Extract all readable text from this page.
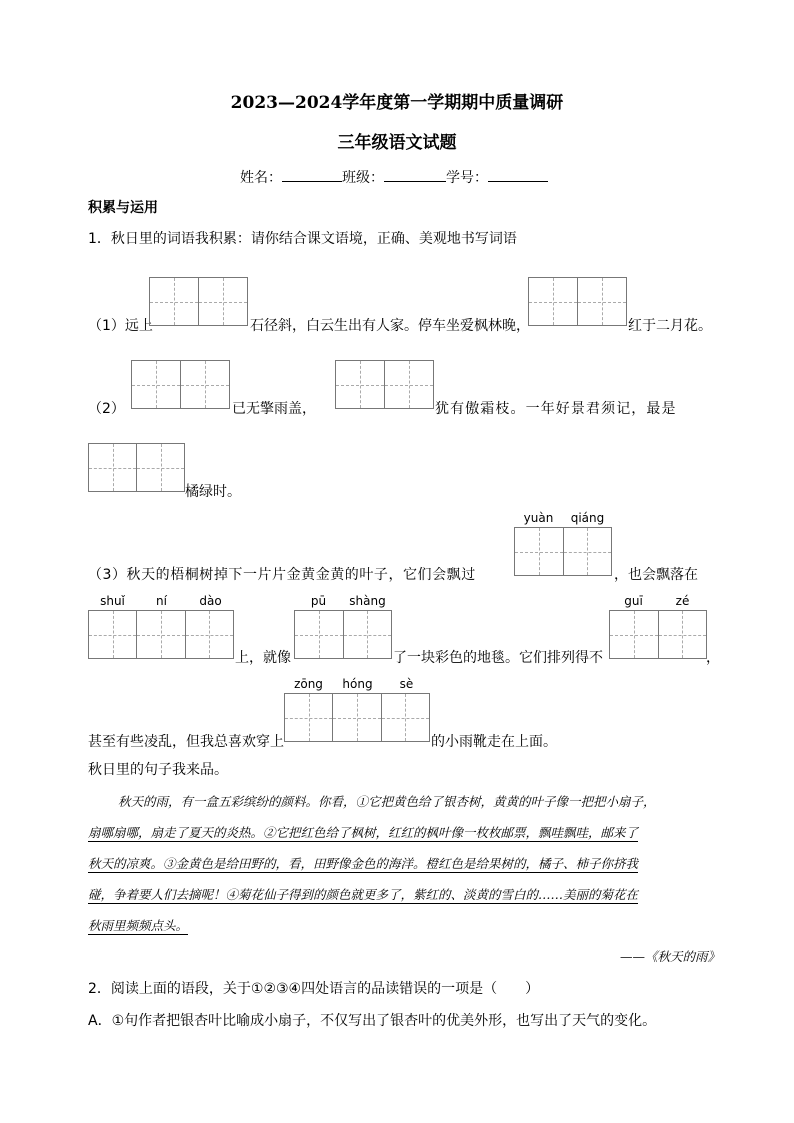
2023—2024学年度第一学期期中质量调研
三年级语文试题
姓名：	班级：	学号：
积累与运用
1．秋日里的词语我积累：请你结合课文语境，正确、美观地书写词语
（1）远上	石径斜，白云生出有人家。停车坐爱枫林晚，	红于二月花。
（2）	已无擎雨盖，	犹有傲霜枝。一年好景君须记，最是
橘绿时。
（3）秋天的梧桐树掉下一片片金黄金黄的叶子，它们会飘过
yuàn	qiáng
，也会飘落在
shuǐ	ní	dào
上，就像
pū	shàng
了一块彩色的地毯。它们排列得不
guī	zé
，
甚至有些凌乱，但我总喜欢穿上
zōng	hóng	sè
的小雨靴走在上面。
秋日里的句子我来品。
秋天的雨，有一盒五彩缤纷的颜料。你看，①它把黄色给了银杏树，黄黄的叶子像一把把小扇子，
扇哪扇哪，扇走了夏天的炎热。②它把红色给了枫树，红红的枫叶像一枚枚邮票，飘哇飘哇，邮来了
秋天的凉爽。③金黄色是给田野的，看，田野像金色的海洋。橙红色是给果树的，橘子、柿子你挤我
碰，争着要人们去摘呢！④菊花仙子得到的颜色就更多了，紫红的、淡黄的雪白的……美丽的菊花在
秋雨里频频点头。
——《秋天的雨》
2．阅读上面的语段，关于①②③④四处语言的品读错误的一项是（　　）
A．①句作者把银杏叶比喻成小扇子，不仅写出了银杏叶的优美外形，也写出了天气的变化。
